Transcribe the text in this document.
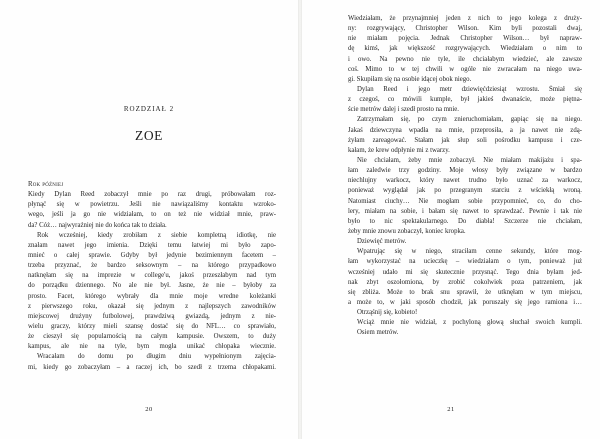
ROZDZIAŁ 2
ZOE
Rok później
Kiedy Dylan Reed zobaczył mnie po raz drugi, próbowałam roz-
płynąć się w powietrzu. Jeśli nie nawiązaliśmy kontaktu wzroko-
wego, jeśli ja go nie widziałam, to on też nie widział mnie, praw-
da? Cóż… najwyraźniej nie do końca tak to działa.
Rok wcześniej, kiedy zrobiłam z siebie kompletną idiotkę, nie
znałam nawet jego imienia. Dzięki temu łatwiej mi było zapo-
mnieć o całej sprawie. Gdyby był jedynie bezimiennym facetem –
trzeba przyznać, że bardzo seksownym – na którego przypadkowo
natknęłam się na imprezie w college'u, jakoś przeszłabym nad tym
do porządku dziennego. No ale nie był. Jasne, że nie – byłoby za
prosto. Facet, którego wybrały dla mnie moje wredne koleżanki
z pierwszego roku, okazał się jednym z najlepszych zawodników
miejscowej drużyny futbolowej, prawdziwą gwiazdą, jednym z nie-
wielu graczy, którzy mieli szansę dostać się do NFL… co sprawiało,
że cieszył się popularnością na całym kampusie. Owszem, to duży
kampus, ale nie na tyle, bym mogła unikać chłopaka wiecznie.
Wracałam do domu po długim dniu wypełnionym zajęcia-
mi, kiedy go zobaczyłam – a raczej ich, bo szedł z trzema chłopakami.
20
Wiedziałam, że przynajmniej jeden z nich to jego kolega z druży-
ny: rozgrywający, Christopher Wilson. Kim byli pozostali dwaj,
nie miałam pojęcia. Jednak Christopher Wilson… był napraw-
dę kimś, jak większość rozgrywających. Wiedziałam o nim to
i owo. Na pewno nie tyle, ile chciałabym wiedzieć, ale zawsze
coś. Mimo to w tej chwili w ogóle nie zwracałam na niego uwa-
gi. Skupiłam się na osobie idącej obok niego.
Dylan Reed i jego metr dziewięćdziesiąt wzrostu. Śmiał się
z czegoś, co mówili kumple, był jakieś dwanaście, może piętna-
ście metrów dalej i szedł prosto na mnie.
Zatrzymałam się, po czym znieruchomiałam, gapiąc się na niego.
Jakaś dziewczyna wpadła na mnie, przeprosiła, a ja nawet nie zdą-
żyłam zareagować. Stałam jak słup soli pośrodku kampusu i cze-
kałam, że krew odpłynie mi z twarzy.
Nie chciałam, żeby mnie zobaczył. Nie miałam makijażu i spa-
łam zaledwie trzy godziny. Moje włosy były związane w bardzo
niechlujny warkocz, który nawet trudno było uznać za warkocz,
ponieważ wyglądał jak po przegranym starciu z wściekłą wroną.
Natomiast ciuchy… Nie mogłam sobie przypomnieć, co, do cho-
lery, miałam na sobie, i bałam się nawet to sprawdzać. Pewnie i tak nie
było to nic spektakularnego. Do diabła! Szczerze nie chciałam,
żeby mnie znowu zobaczył, koniec kropka.
Dziewięć metrów.
Wpatrując się w niego, straciłam cenne sekundy, które mog-
łam wykorzystać na ucieczkę – wiedziałam o tym, ponieważ już
wcześniej udało mi się skutecznie przysnąć. Tego dnia byłam jed-
nak zbyt oszołomiona, by zrobić cokolwiek poza patrzeniem, jak
się zbliża. Może to brak snu sprawił, że utknęłam w tym miejscu,
a może to, w jaki sposób chodził, jak poruszały się jego ramiona i…
Otrząśnij się, kobieto!
Wciąż mnie nie widział, z pochyloną głową słuchał swoich kumpli.
Osiem metrów.
21
